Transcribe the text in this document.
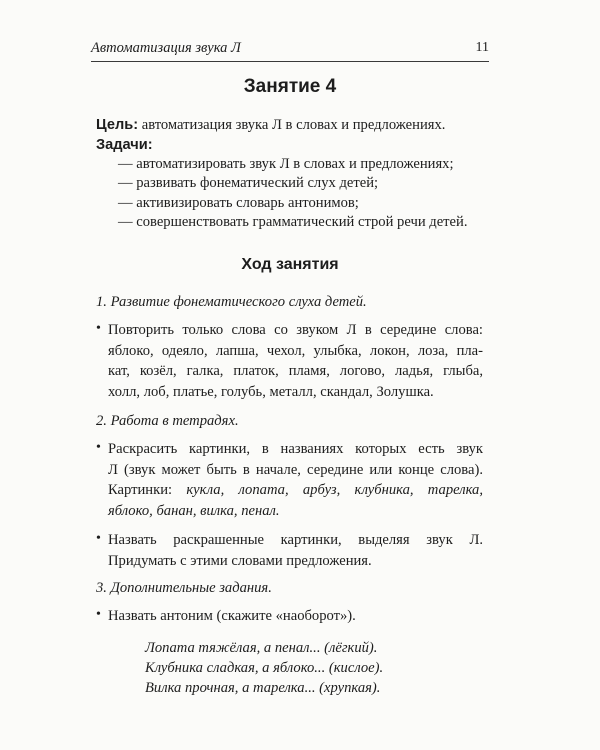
Автоматизация звука Л	11
Занятие 4
Цель: автоматизация звука Л в словах и предложениях.
Задачи:
— автоматизировать звук Л в словах и предложениях;
— развивать фонематический слух детей;
— активизировать словарь антонимов;
— совершенствовать грамматический строй речи детей.
Ход занятия
1. Развитие фонематического слуха детей.
• Повторить только слова со звуком Л в середине слова:
яблоко, одеяло, лапша, чехол, улыбка, локон, лоза, пла-
кат, козёл, галка, платок, пламя, логово, ладья, глыба,
холл, лоб, платье, голубь, металл, скандал, Золушка.
2. Работа в тетрадях.
• Раскрасить картинки, в названиях которых есть звук
Л (звук может быть в начале, середине или конце слова).
Картинки: кукла, лопата, арбуз, клубника, тарелка,
яблоко, банан, вилка, пенал.
• Назвать раскрашенные картинки, выделяя звук Л.
Придумать с этими словами предложения.
3. Дополнительные задания.
• Назвать антоним (скажите «наоборот»).
Лопата тяжёлая, а пенал... (лёгкий).
Клубника сладкая, а яблоко... (кислое).
Вилка прочная, а тарелка... (хрупкая).
